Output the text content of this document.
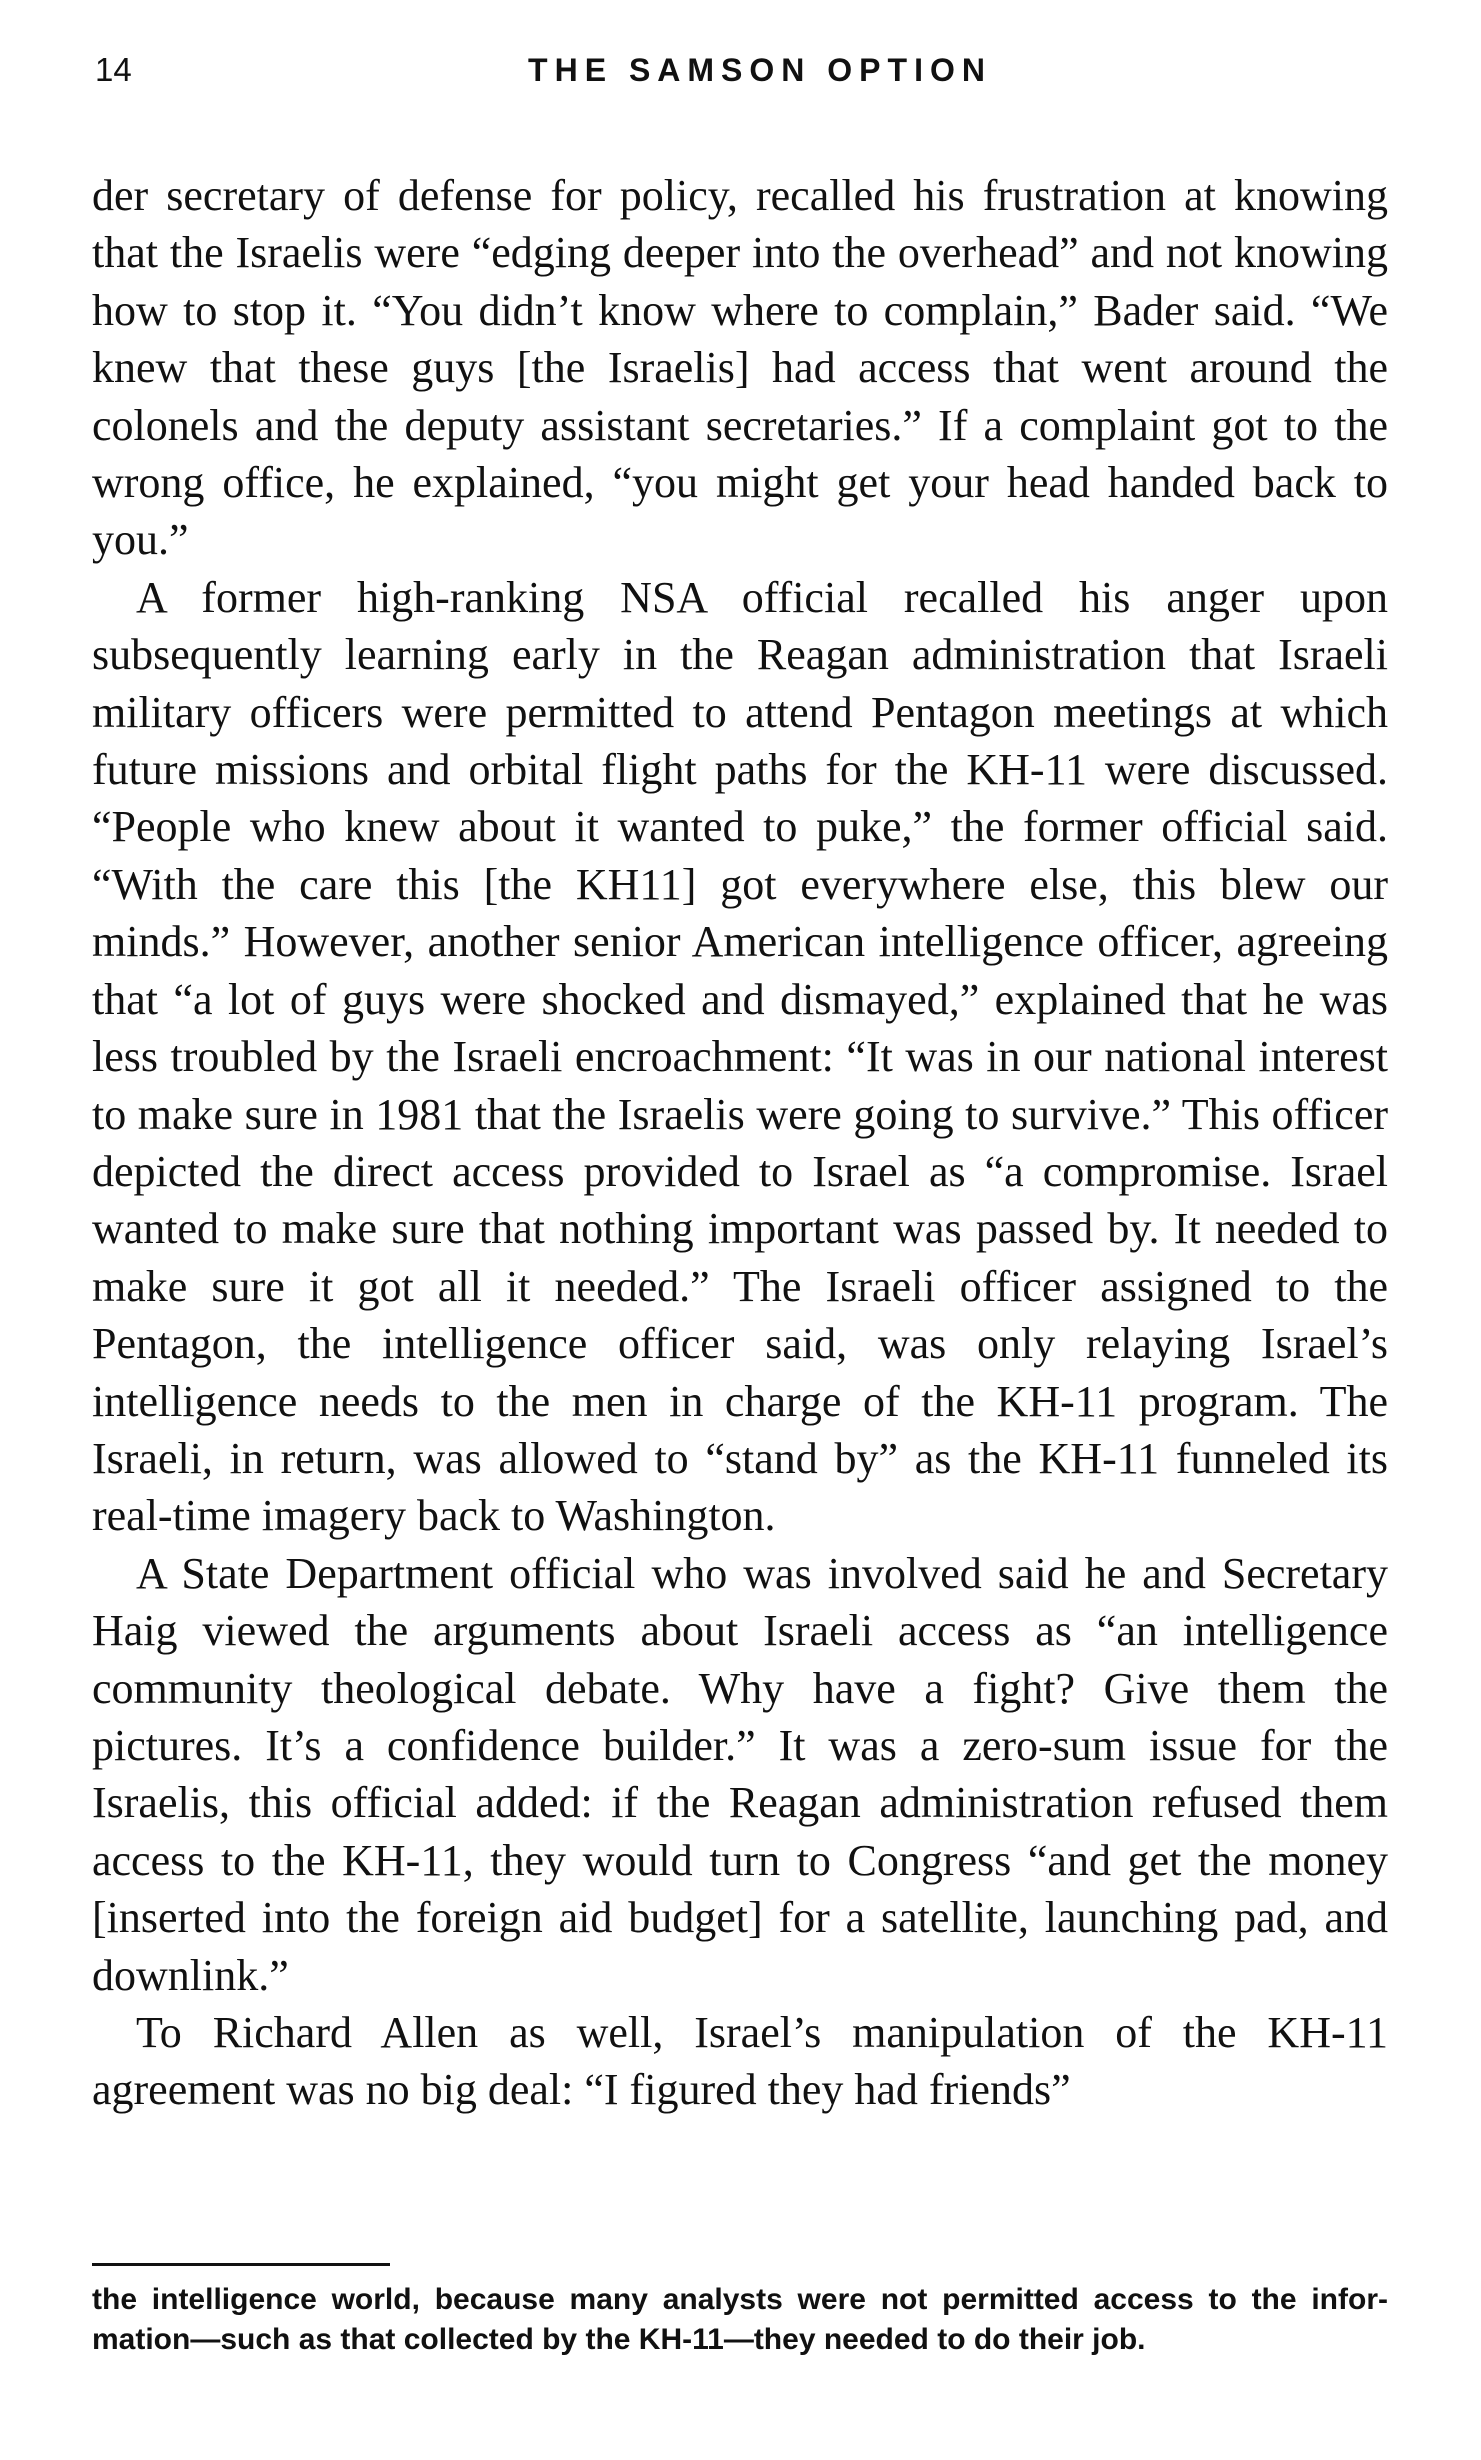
14	THE SAMSON OPTION

der secretary of defense for policy, recalled his frustration at knowing that the Israelis were “edging deeper into the overhead” and not knowing how to stop it. “You didn’t know where to complain,” Bader said. “We knew that these guys [the Israelis] had access that went around the colonels and the deputy assistant secretaries.” If a complaint got to the wrong office, he explained, “you might get your head handed back to you.”

A former high-ranking NSA official recalled his anger upon subsequently learning early in the Reagan administration that Israeli military officers were permitted to attend Pentagon meetings at which future missions and orbital flight paths for the KH-11 were discussed. “People who knew about it wanted to puke,” the former official said. “With the care this [the KH11] got everywhere else, this blew our minds.” However, another senior American intelligence officer, agreeing that “a lot of guys were shocked and dismayed,” explained that he was less troubled by the Israeli encroachment: “It was in our national interest to make sure in 1981 that the Israelis were going to survive.” This officer depicted the direct access provided to Israel as “a compromise. Israel wanted to make sure that nothing important was passed by. It needed to make sure it got all it needed.” The Israeli officer assigned to the Pentagon, the intelligence officer said, was only relaying Israel’s intelligence needs to the men in charge of the KH-11 program. The Israeli, in return, was allowed to “stand by” as the KH-11 funneled its real-time imagery back to Washington.

A State Department official who was involved said he and Secretary Haig viewed the arguments about Israeli access as “an intelligence community theological debate. Why have a fight? Give them the pictures. It’s a confidence builder.” It was a zero-sum issue for the Israelis, this official added: if the Reagan administration refused them access to the KH-11, they would turn to Congress “and get the money [inserted into the foreign aid budget] for a satellite, launching pad, and downlink.”

To Richard Allen as well, Israel’s manipulation of the KH-11 agreement was no big deal: “I figured they had friends”

the intelligence world, because many analysts were not permitted access to the information—such as that collected by the KH-11—they needed to do their job.
